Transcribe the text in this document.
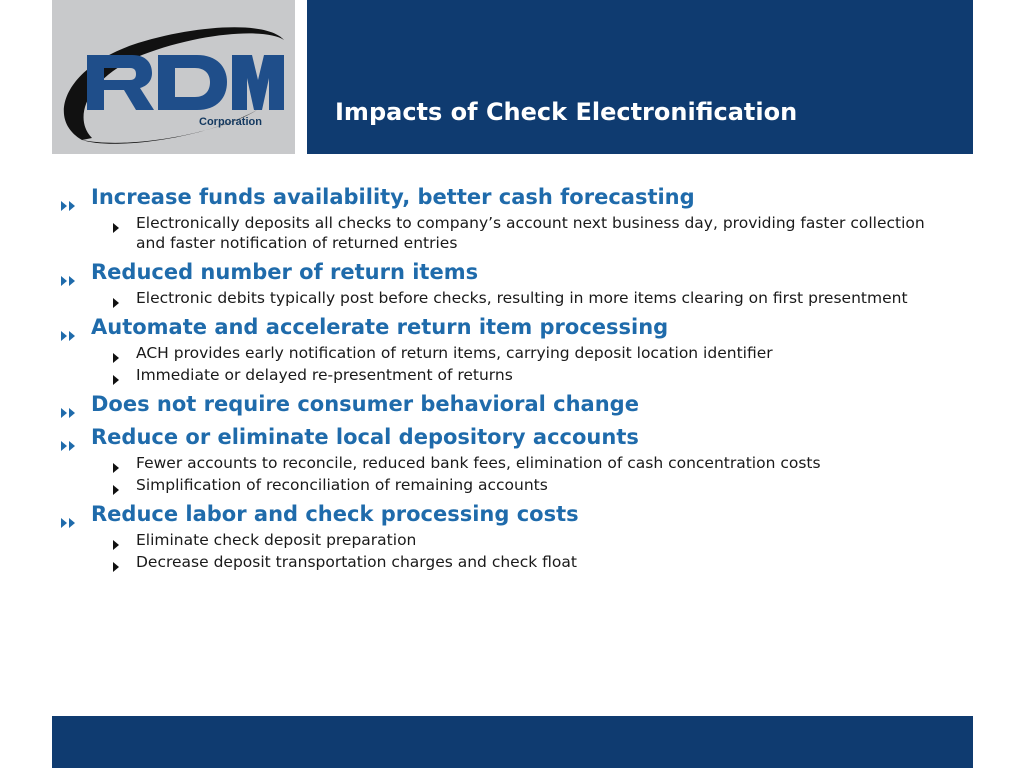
Corporation	Impacts of Check Electronification
Increase funds availability, better cash forecasting
Electronically deposits all checks to company’s account next business day, providing faster collection and faster notification of returned entries
Reduced number of return items
Electronic debits typically post before checks, resulting in more items clearing on first presentment
Automate and accelerate return item processing
ACH provides early notification of return items, carrying deposit location identifier
Immediate or delayed re-presentment of returns
Does not require consumer behavioral change
Reduce or eliminate local depository accounts
Fewer accounts to reconcile, reduced bank fees, elimination of cash concentration costs
Simplification of reconciliation of remaining accounts
Reduce labor and check processing costs
Eliminate check deposit preparation
Decrease deposit transportation charges and check float
